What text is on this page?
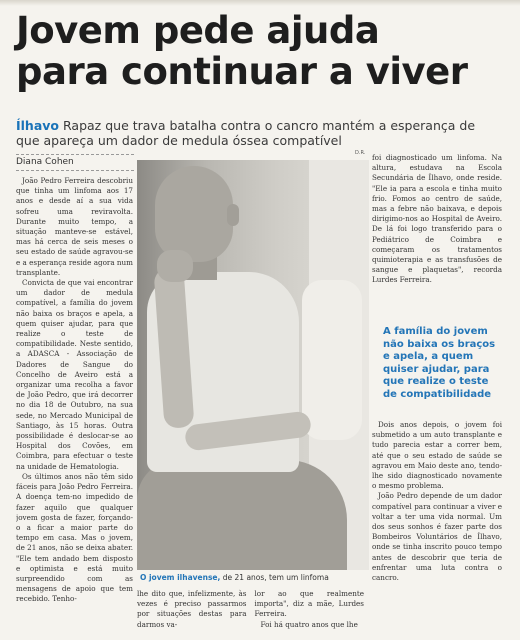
Jovem pede ajuda
para continuar a viver
Ílhavo Rapaz que trava batalha contra o cancro mantém a esperança de que apareça um dador de medula óssea compatível
Diana Cohen

João Pedro Ferreira descobriu que tinha um linfoma aos 17 anos e desde aí a sua vida sofreu uma reviravolta. Durante muito tempo, a situação manteve-se estável, mas há cerca de seis meses o seu estado de saúde agravou-se e a esperança reside agora num transplante.

Convicta de que vai encontrar um dador de medula compatível, a família do jovem não baixa os braços e apela, a quem quiser ajudar, para que realize o teste de compatibilidade. Neste sentido, a ADASCA - Associação de Dadores de Sangue do Concelho de Aveiro está a organizar uma recolha a favor de João Pedro, que irá decorrer no dia 18 de Outubro, na sua sede, no Mercado Municipal de Santiago, às 15 horas. Outra possibilidade é deslocar-se ao Hospital dos Covões, em Coimbra, para efectuar o teste na unidade de Hematologia.

Os últimos anos não têm sido fáceis para João Pedro Ferreira. A doença tem-no impedido de fazer aquilo que qualquer jovem gosta de fazer, forçando-o a ficar a maior parte do tempo em casa. Mas o jovem, de 21 anos, não se deixa abater. "Ele tem andado bem disposto e optimista e está muito surpreendido com as mensagens de apoio que tem recebido. Tenho-

D.R.
O jovem ilhavense, de 21 anos, tem um linfoma

lhe dito que, infelizmente, às vezes é preciso passarmos por situações destas para darmos va-

lor ao que realmente importa", diz a mãe, Lurdes Ferreira.

Foi há quatro anos que lhe

foi diagnosticado um linfoma. Na altura, estudava na Escola Secundária de Ílhavo, onde reside. "Ele ia para a escola e tinha muito frio. Fomos ao centro de saúde, mas a febre não baixava, e depois dirigimo-nos ao Hospital de Aveiro. De lá foi logo transferido para o Pediátrico de Coimbra e começaram os tratamentos quimioterapia e as transfusões de sangue e plaquetas", recorda Lurdes Ferreira.

A família do jovem não baixa os braços e apela, a quem quiser ajudar, para que realize o teste de compatibilidade

Dois anos depois, o jovem foi submetido a um auto transplante e tudo parecia estar a correr bem, até que o seu estado de saúde se agravou em Maio deste ano, tendo-lhe sido diagnosticado novamente o mesmo problema.

João Pedro depende de um dador compatível para continuar a viver e voltar a ter uma vida normal. Um dos seus sonhos é fazer parte dos Bombeiros Voluntários de Ílhavo, onde se tinha inscrito pouco tempo antes de descobrir que teria de enfrentar uma luta contra o cancro.
